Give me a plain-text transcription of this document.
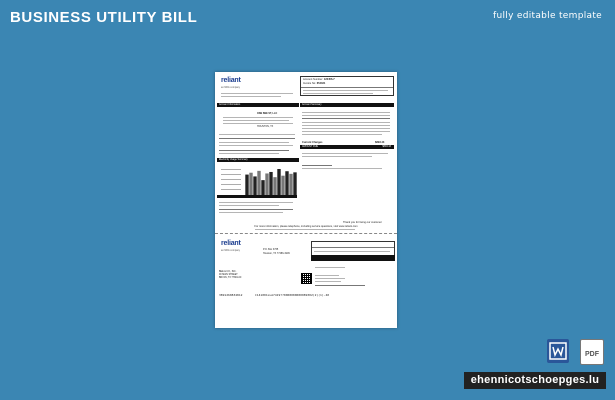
BUSINESS UTILITY BILL	fully editable template
reliant
an NRG company
Account Number: 123456-7
Invoice No: 654321
Account Information
ONE BEE ST, LLC
HOUSTON, TX
Electricity Usage Summary
Account Summary
Current Charges	$893.43
AMOUNT DUE	$893.43
Thank you for being our customer
For more information, please telephone, including service questions, visit www.reliant.com
reliant
an NRG company	P.O. Box 3765
Houston, TX 77286-1909
BEE & CO., INC.
00 MAIN STREET
BRYAN, TX 77801-00
3891260834812	C141001LLA7419??0000000000089302(2)(1)-40
PDF
ehennicotschoepges.lu
